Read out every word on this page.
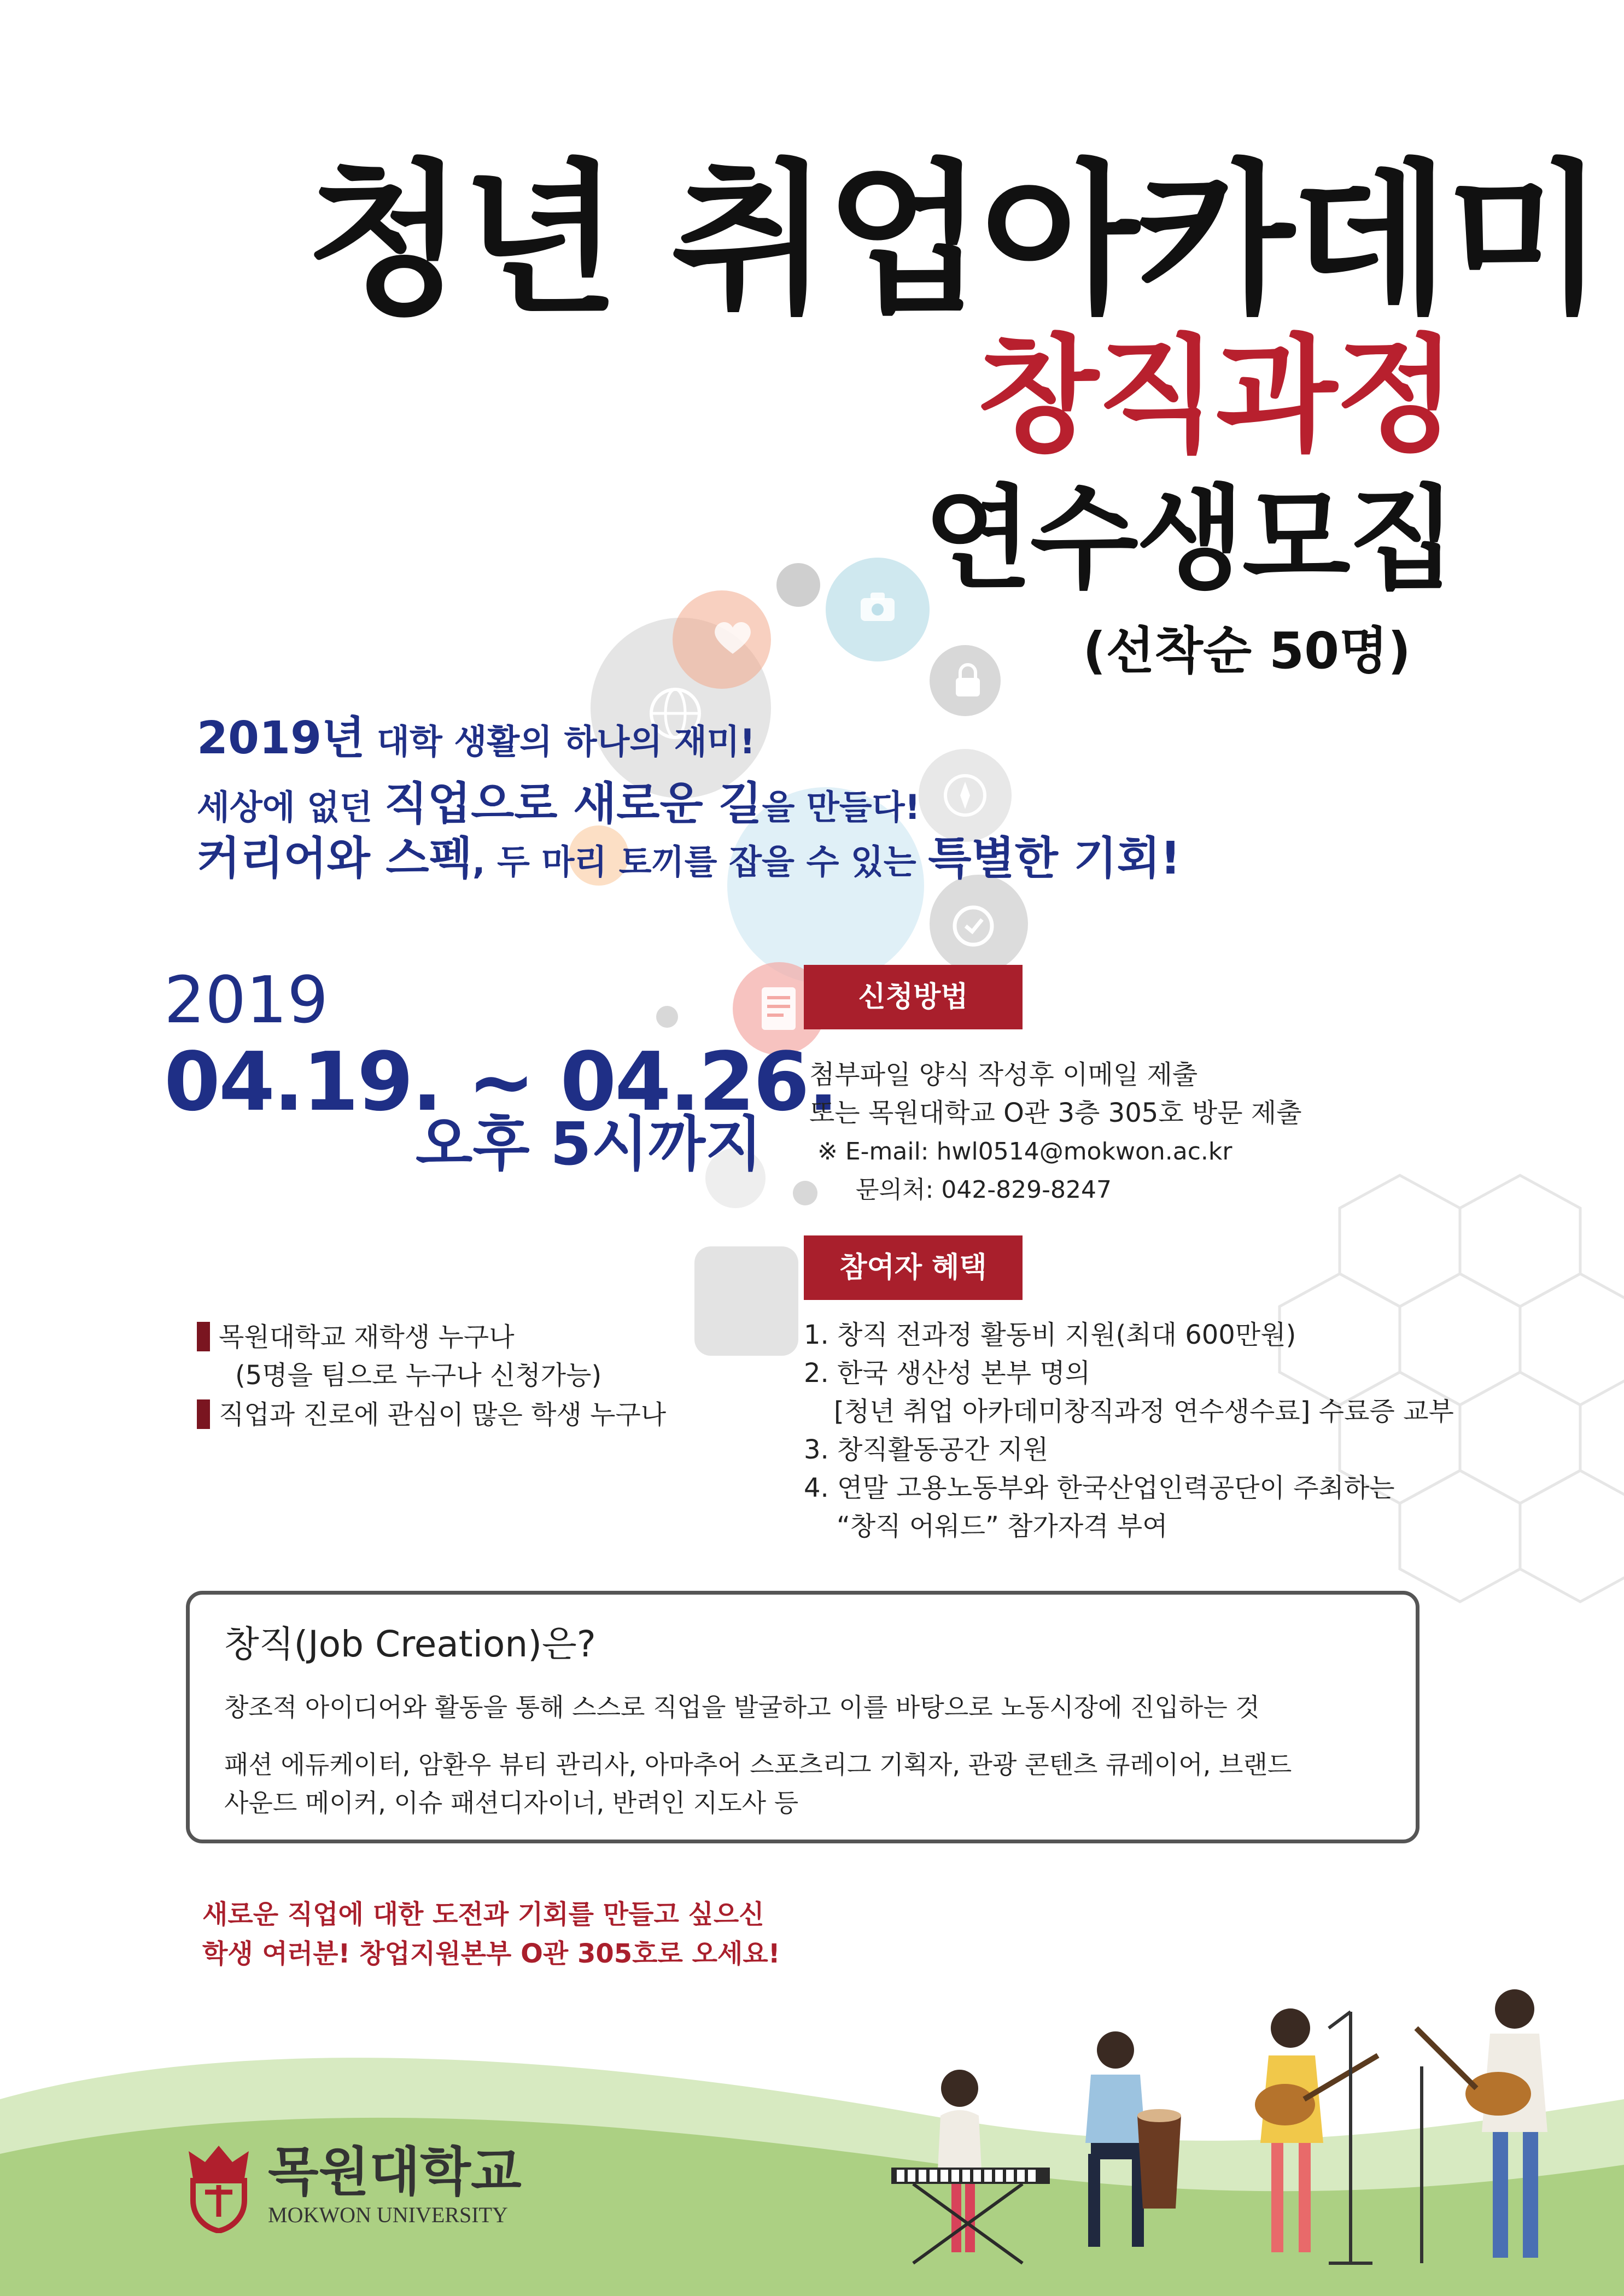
청년 취업아카데미
창직과정
연수생모집
(선착순 50명)
2019년 대학 생활의 하나의 재미!
세상에 없던 직업으로 새로운 길을 만들다!
커리어와 스펙, 두 마리 토끼를 잡을 수 있는 특별한 기회!
2019
04.19. ~ 04.26.
오후 5시까지
신청방법
첨부파일 양식 작성후 이메일 제출
또는 목원대학교 O관 3층 305호 방문 제출
※ E-mail: hwl0514@mokwon.ac.kr
문의처: 042-829-8247
참여자 혜택
1. 창직 전과정 활동비 지원(최대 600만원)
2. 한국 생산성 본부 명의
[청년 취업 아카데미창직과정 연수생수료] 수료증 교부
3. 창직활동공간 지원
4. 연말 고용노동부와 한국산업인력공단이 주최하는
“창직 어워드” 참가자격 부여
목원대학교 재학생 누구나
(5명을 팀으로 누구나 신청가능)
직업과 진로에 관심이 많은 학생 누구나
창직(Job Creation)은?
창조적 아이디어와 활동을 통해 스스로 직업을 발굴하고 이를 바탕으로 노동시장에 진입하는 것
패션 에듀케이터, 암환우 뷰티 관리사, 아마추어 스포츠리그 기획자, 관광 콘텐츠 큐레이어, 브랜드
사운드 메이커, 이슈 패션디자이너, 반려인 지도사 등
새로운 직업에 대한 도전과 기회를 만들고 싶으신
학생 여러분! 창업지원본부 O관 305호로 오세요!
목원대학교
MOKWON UNIVERSITY
